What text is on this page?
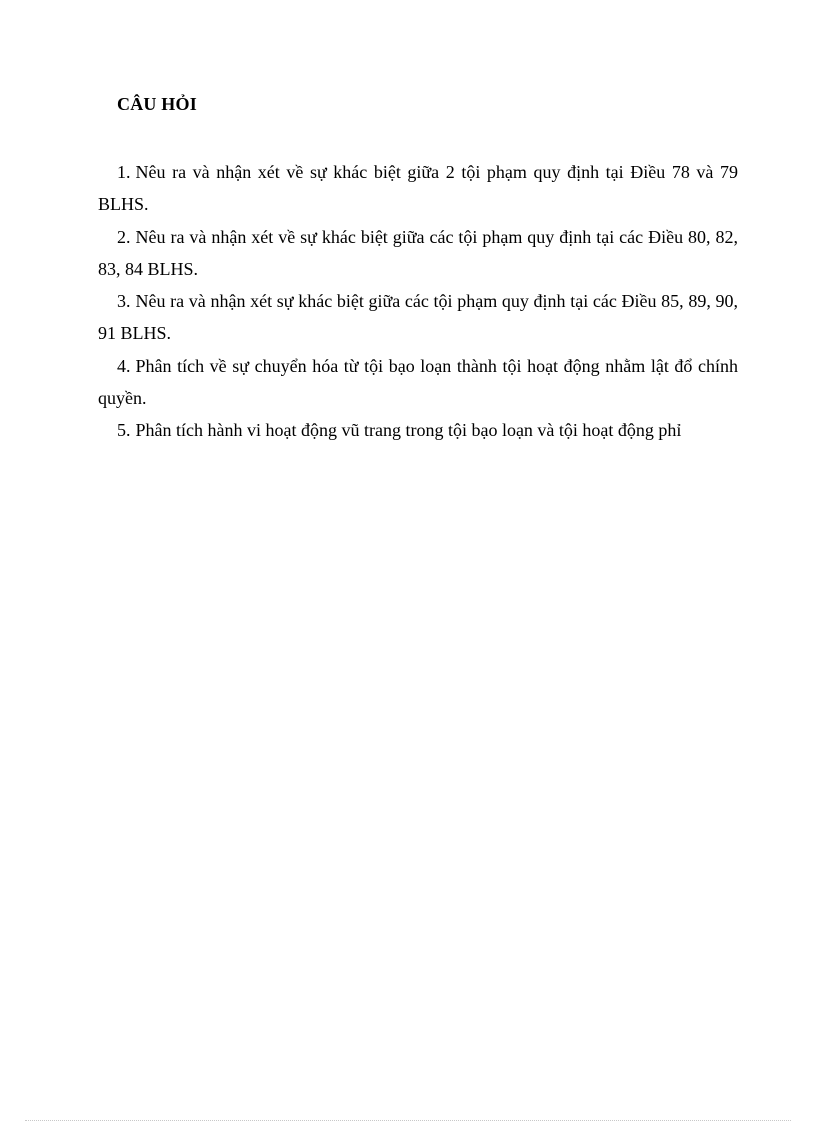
CÂU HỎI
1. Nêu ra và nhận xét về sự khác biệt giữa 2 tội phạm quy định tại Điều 78 và 79 BLHS.
2. Nêu ra và nhận xét về sự khác biệt giữa các tội phạm quy định tại các Điều 80, 82, 83, 84 BLHS.
3. Nêu ra và nhận xét sự khác biệt giữa các tội phạm quy định tại các Điều 85, 89, 90, 91 BLHS.
4. Phân tích về sự chuyển hóa từ tội bạo loạn thành tội hoạt động nhằm lật đổ chính quyền.
5. Phân tích hành vi hoạt động vũ trang trong tội bạo loạn và tội hoạt động phỉ
